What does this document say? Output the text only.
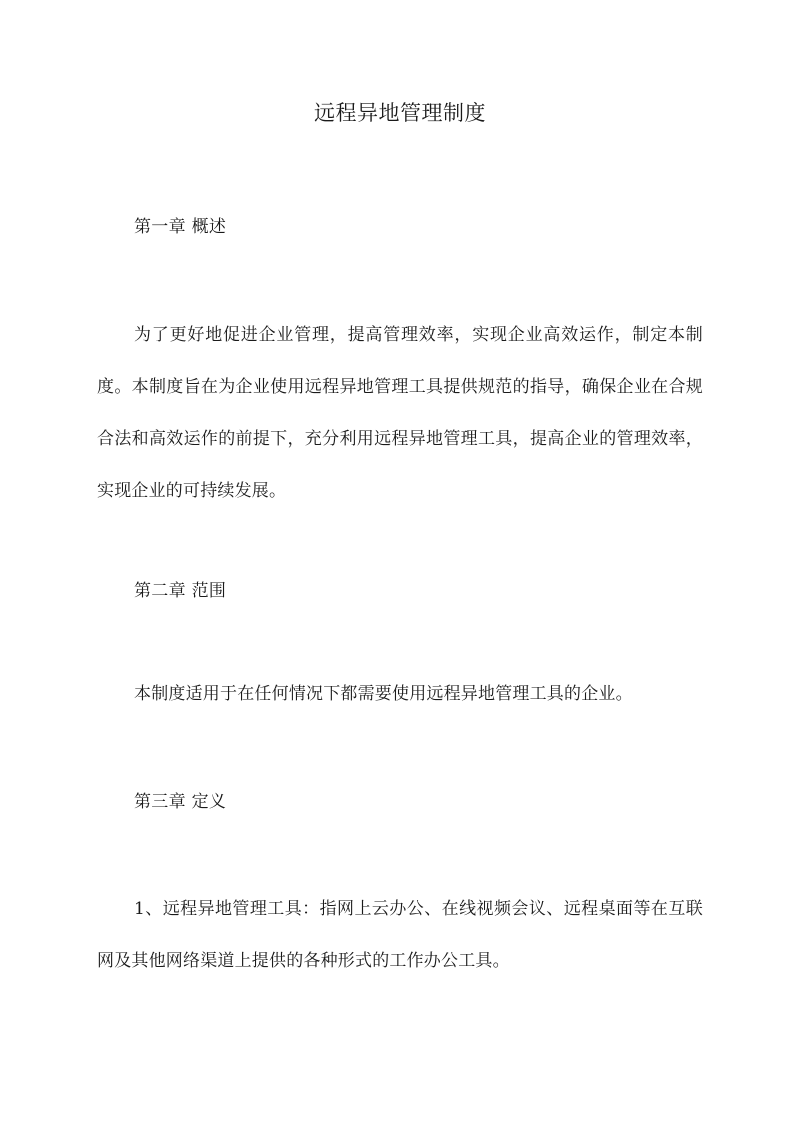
远程异地管理制度
第一章 概述
为了更好地促进企业管理，提高管理效率，实现企业高效运作，制定本制度。本制度旨在为企业使用远程异地管理工具提供规范的指导，确保企业在合规合法和高效运作的前提下，充分利用远程异地管理工具，提高企业的管理效率，实现企业的可持续发展。
第二章 范围
本制度适用于在任何情况下都需要使用远程异地管理工具的企业。
第三章 定义
1、远程异地管理工具：指网上云办公、在线视频会议、远程桌面等在互联网及其他网络渠道上提供的各种形式的工作办公工具。
